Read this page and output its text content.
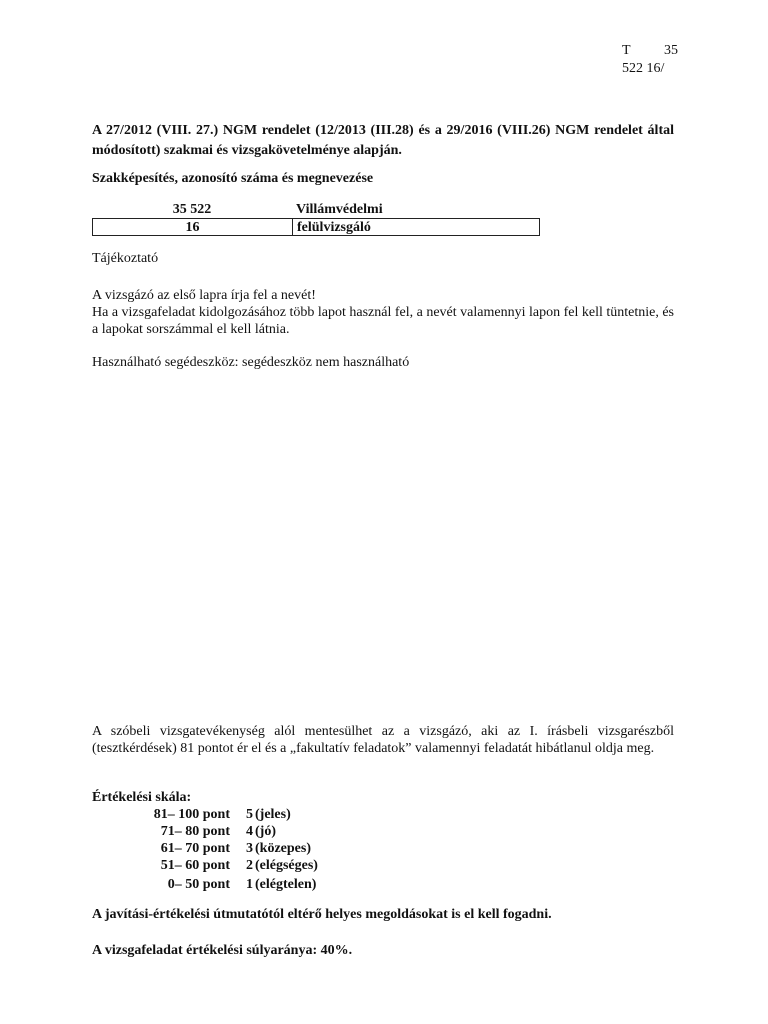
T 35
522 16/
A 27/2012 (VIII. 27.) NGM rendelet (12/2013 (III.28) és a 29/2016 (VIII.26) NGM rendelet által módosított) szakmai és vizsgakövetelménye alapján.
Szakképesítés, azonosító száma és megnevezése
35 522	Villámvédelmi
16	felülvizsgáló
Tájékoztató
A vizsgázó az első lapra írja fel a nevét!
Ha a vizsgafeladat kidolgozásához több lapot használ fel, a nevét valamennyi lapon fel kell tüntetnie, és a lapokat sorszámmal el kell látnia.
Használható segédeszköz: segédeszköz nem használható
A szóbeli vizsgatevékenység alól mentesülhet az a vizsgázó, aki az I. írásbeli vizsgarészből (tesztkérdések) 81 pontot ér el és a „fakultatív feladatok” valamennyi feladatát hibátlanul oldja meg.
Értékelési skála:
81– 100 pont	5 (jeles)
71– 80 pont	4 (jó)
61– 70 pont	3 (közepes)
51– 60 pont	2 (elégséges)
0– 50 pont	1 (elégtelen)
A javítási-értékelési útmutatótól eltérő helyes megoldásokat is el kell fogadni.
A vizsgafeladat értékelési súlyaránya: 40%.
